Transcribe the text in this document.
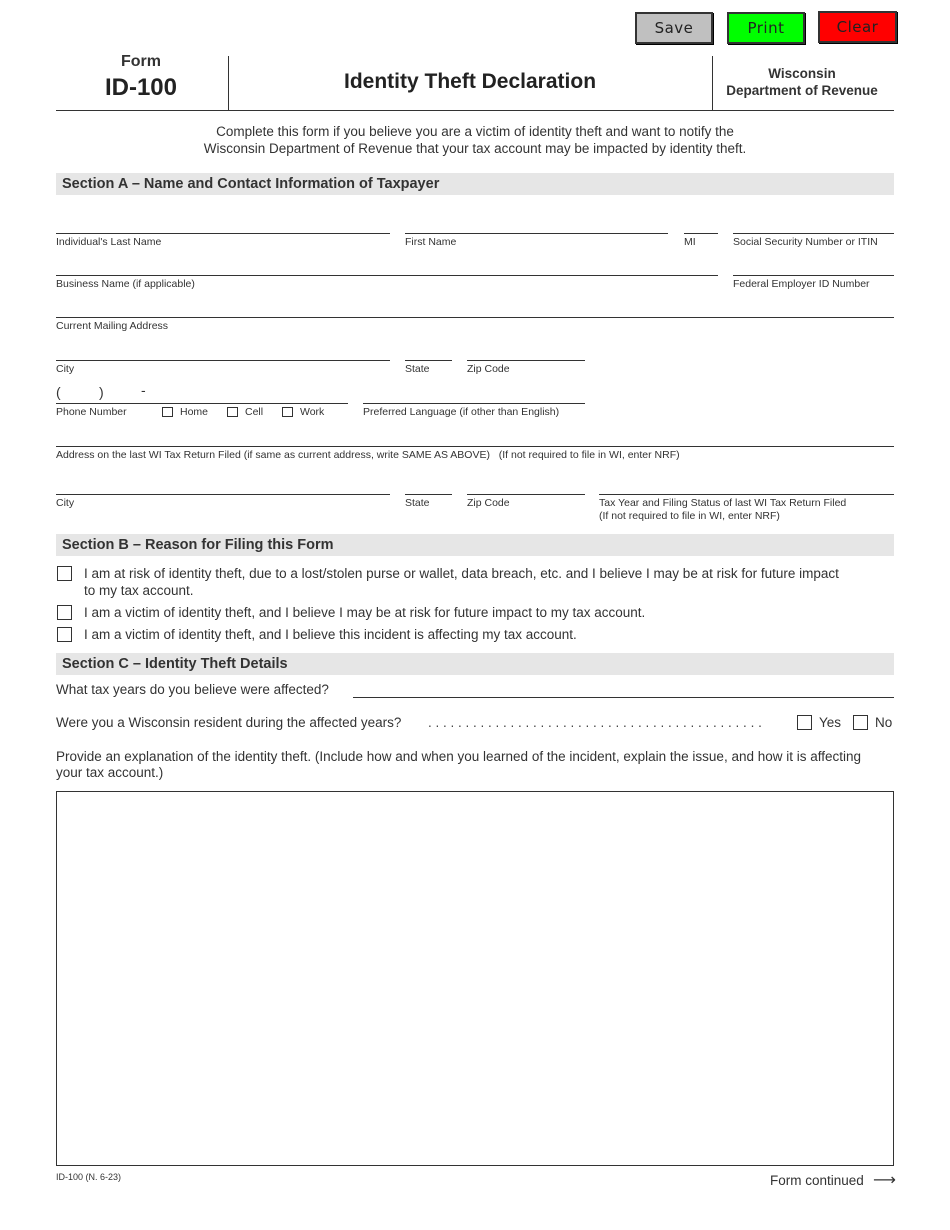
Save	Print	Clear
Form
ID-100	Identity Theft Declaration	Wisconsin
Department of Revenue
Complete this form if you believe you are a victim of identity theft and want to notify the
Wisconsin Department of Revenue that your tax account may be impacted by identity theft.
Section A – Name and Contact Information of Taxpayer
Individual's Last Name	First Name	MI	Social Security Number or ITIN
Business Name (if applicable)	Federal Employer ID Number
Current Mailing Address
City	State	Zip Code
(	)	-
Phone Number	Home	Cell	Work	Preferred Language (if other than English)
Address on the last WI Tax Return Filed (if same as current address, write SAME AS ABOVE)   (If not required to file in WI, enter NRF)
City	State	Zip Code	Tax Year and Filing Status of last WI Tax Return Filed
(If not required to file in WI, enter NRF)
Section B – Reason for Filing this Form
I am at risk of identity theft, due to a lost/stolen purse or wallet, data breach, etc. and I believe I may be at risk for future impact
to my tax account.
I am a victim of identity theft, and I believe I may be at risk for future impact to my tax account.
I am a victim of identity theft, and I believe this incident is affecting my tax account.
Section C – Identity Theft Details
What tax years do you believe were affected?
Were you a Wisconsin resident during the affected years? . . . . . . . . . . . . . . . . . . . . . . . . . . . . . . . . . . . . . . . . . . . . .	Yes	No
Provide an explanation of the identity theft. (Include how and when you learned of the incident, explain the issue, and how it is affecting
your tax account.)
ID-100 (N. 6-23)	Form continued ⟶
